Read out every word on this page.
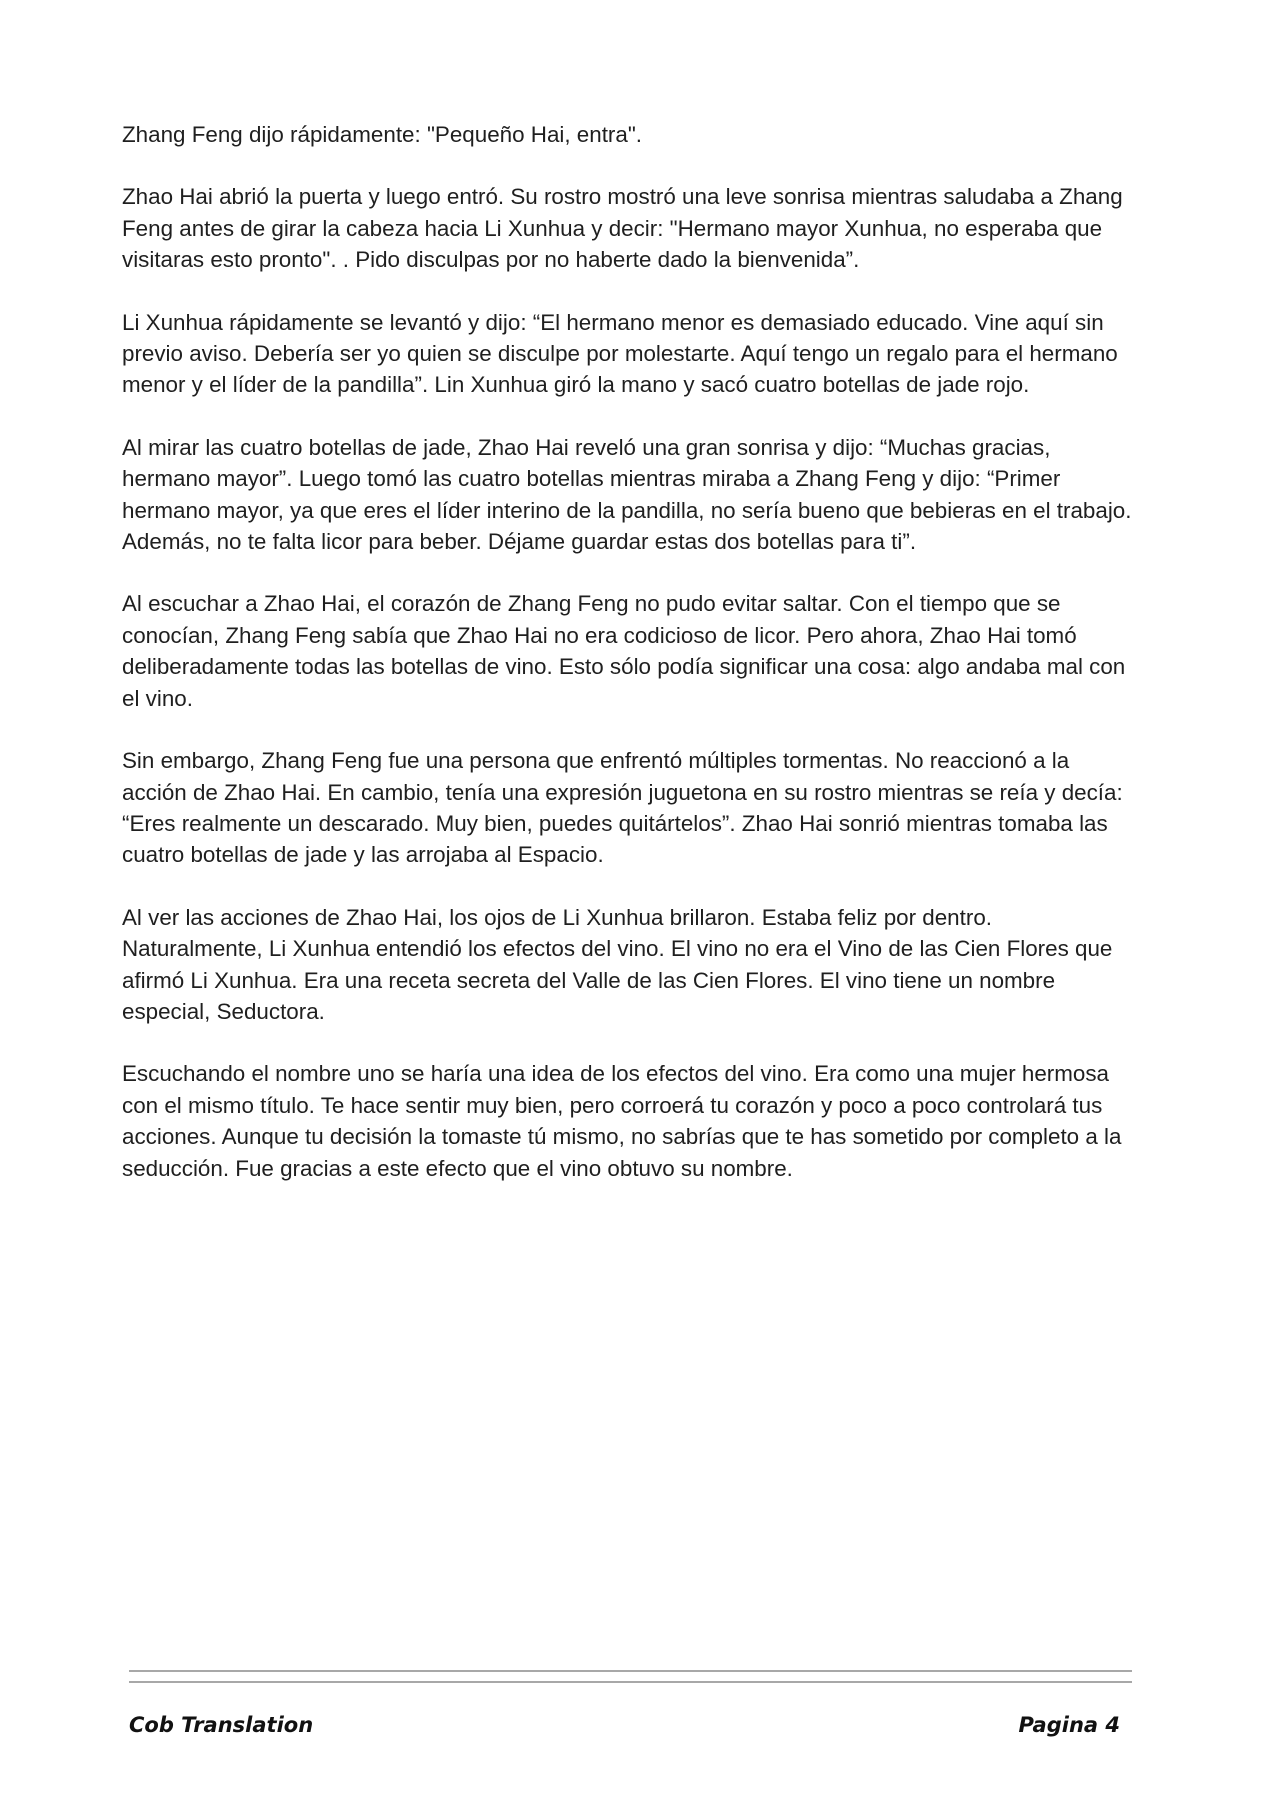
Zhang Feng dijo rápidamente: "Pequeño Hai, entra".

Zhao Hai abrió la puerta y luego entró. Su rostro mostró una leve sonrisa mientras saludaba a Zhang Feng antes de girar la cabeza hacia Li Xunhua y decir: "Hermano mayor Xunhua, no esperaba que visitaras esto pronto". . Pido disculpas por no haberte dado la bienvenida”.

Li Xunhua rápidamente se levantó y dijo: “El hermano menor es demasiado educado. Vine aquí sin previo aviso. Debería ser yo quien se disculpe por molestarte. Aquí tengo un regalo para el hermano menor y el líder de la pandilla”. Lin Xunhua giró la mano y sacó cuatro botellas de jade rojo.

Al mirar las cuatro botellas de jade, Zhao Hai reveló una gran sonrisa y dijo: “Muchas gracias, hermano mayor”. Luego tomó las cuatro botellas mientras miraba a Zhang Feng y dijo: “Primer hermano mayor, ya que eres el líder interino de la pandilla, no sería bueno que bebieras en el trabajo. Además, no te falta licor para beber. Déjame guardar estas dos botellas para ti”.

Al escuchar a Zhao Hai, el corazón de Zhang Feng no pudo evitar saltar. Con el tiempo que se conocían, Zhang Feng sabía que Zhao Hai no era codicioso de licor. Pero ahora, Zhao Hai tomó deliberadamente todas las botellas de vino. Esto sólo podía significar una cosa: algo andaba mal con el vino.

Sin embargo, Zhang Feng fue una persona que enfrentó múltiples tormentas. No reaccionó a la acción de Zhao Hai. En cambio, tenía una expresión juguetona en su rostro mientras se reía y decía: “Eres realmente un descarado. Muy bien, puedes quitártelos”. Zhao Hai sonrió mientras tomaba las cuatro botellas de jade y las arrojaba al Espacio.

Al ver las acciones de Zhao Hai, los ojos de Li Xunhua brillaron. Estaba feliz por dentro. Naturalmente, Li Xunhua entendió los efectos del vino. El vino no era el Vino de las Cien Flores que afirmó Li Xunhua. Era una receta secreta del Valle de las Cien Flores. El vino tiene un nombre especial, Seductora.

Escuchando el nombre uno se haría una idea de los efectos del vino. Era como una mujer hermosa con el mismo título. Te hace sentir muy bien, pero corroerá tu corazón y poco a poco controlará tus acciones. Aunque tu decisión la tomaste tú mismo, no sabrías que te has sometido por completo a la seducción. Fue gracias a este efecto que el vino obtuvo su nombre.

Cob Translation	Pagina 4
